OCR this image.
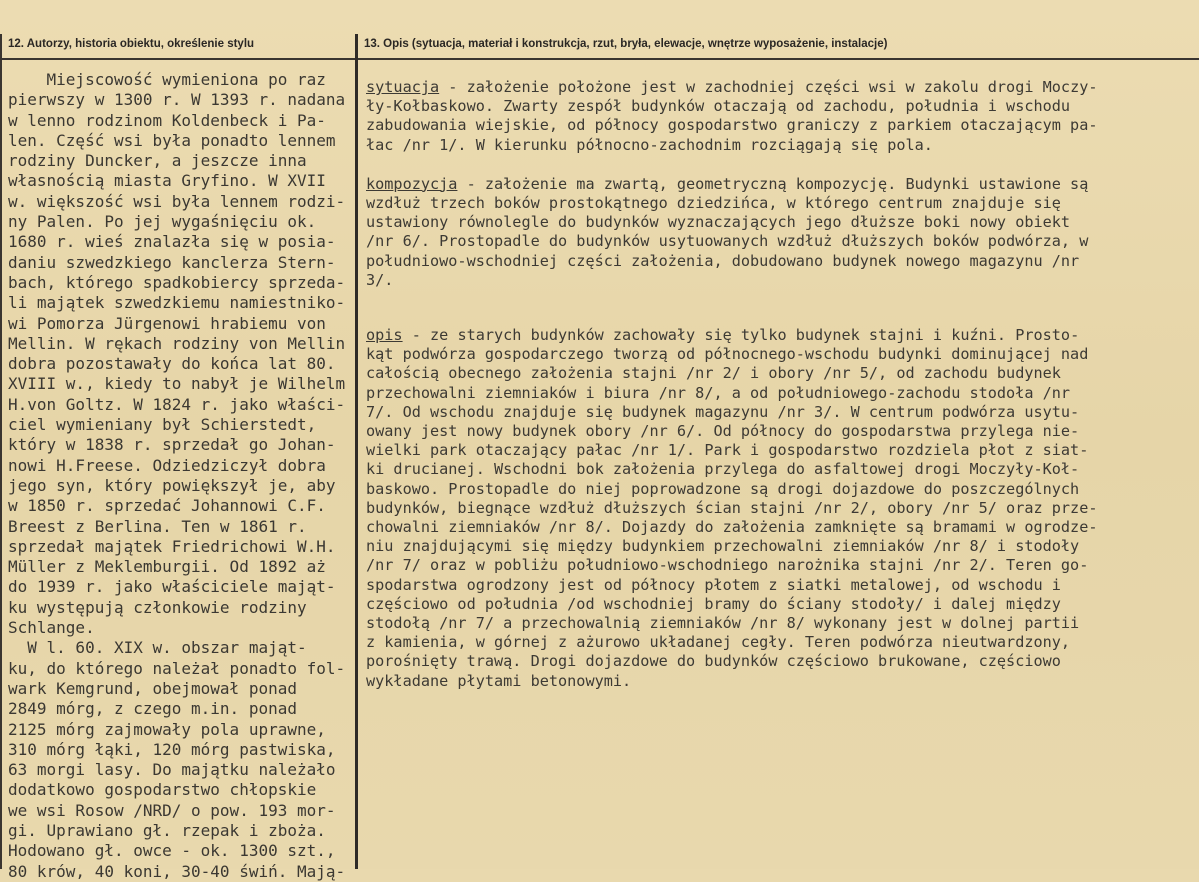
12. Autorzy, historia obiektu, określenie stylu	13. Opis (sytuacja, materiał i konstrukcja, rzut, bryła, elewacje, wnętrze wyposażenie, instalacje)
Miejscowość wymieniona po raz
pierwszy w 1300 r. W 1393 r. nadana
w lenno rodzinom Koldenbeck i Pa-
len. Część wsi była ponadto lennem
rodziny Duncker, a jeszcze inna
własnością miasta Gryfino. W XVII
w. większość wsi była lennem rodzi-
ny Palen. Po jej wygaśnięciu ok.
1680 r. wieś znalazła się w posia-
daniu szwedzkiego kanclerza Stern-
bach, którego spadkobiercy sprzeda-
li majątek szwedzkiemu namiestniko-
wi Pomorza Jürgenowi hrabiemu von
Mellin. W rękach rodziny von Mellin
dobra pozostawały do końca lat 80.
XVIII w., kiedy to nabył je Wilhelm
H.von Goltz. W 1824 r. jako właści-
ciel wymieniany był Schierstedt,
który w 1838 r. sprzedał go Johan-
nowi H.Freese. Odziedziczył dobra
jego syn, który powiększył je, aby
w 1850 r. sprzedać Johannowi C.F.
Breest z Berlina. Ten w 1861 r.
sprzedał majątek Friedrichowi W.H.
Müller z Meklemburgii. Od 1892 aż
do 1939 r. jako właściciele mająt-
ku występują członkowie rodziny
Schlange.
W l. 60. XIX w. obszar mająt-
ku, do którego należał ponadto fol-
wark Kemgrund, obejmował ponad
2849 mórg, z czego m.in. ponad
2125 mórg zajmowały pola uprawne,
310 mórg łąki, 120 mórg pastwiska,
63 morgi lasy. Do majątku należało
dodatkowo gospodarstwo chłopskie
we wsi Rosow /NRD/ o pow. 193 mor-
gi. Uprawiano gł. rzepak i zboża.
Hodowano gł. owce - ok. 1300 szt.,
80 krów, 40 koni, 30-40 świń. Mają-
sytuacja - założenie położone jest w zachodniej części wsi w zakolu drogi Moczy-
ły-Kołbaskowo. Zwarty zespół budynków otaczają od zachodu, południa i wschodu
zabudowania wiejskie, od północy gospodarstwo graniczy z parkiem otaczającym pa-
łac /nr 1/. W kierunku północno-zachodnim rozciągają się pola.
kompozycja - założenie ma zwartą, geometryczną kompozycję. Budynki ustawione są
wzdłuż trzech boków prostokątnego dziedzińca, w którego centrum znajduje się
ustawiony równolegle do budynków wyznaczających jego dłuższe boki nowy obiekt
/nr 6/. Prostopadle do budynków usytuowanych wzdłuż dłuższych boków podwórza, w
południowo-wschodniej części założenia, dobudowano budynek nowego magazynu /nr
3/.
opis - ze starych budynków zachowały się tylko budynek stajni i kuźni. Prosto-
kąt podwórza gospodarczego tworzą od północnego-wschodu budynki dominującej nad
całością obecnego założenia stajni /nr 2/ i obory /nr 5/, od zachodu budynek
przechowalni ziemniaków i biura /nr 8/, a od południowego-zachodu stodoła /nr
7/. Od wschodu znajduje się budynek magazynu /nr 3/. W centrum podwórza usytu-
owany jest nowy budynek obory /nr 6/. Od północy do gospodarstwa przylega nie-
wielki park otaczający pałac /nr 1/. Park i gospodarstwo rozdziela płot z siat-
ki drucianej. Wschodni bok założenia przylega do asfaltowej drogi Moczyły-Koł-
baskowo. Prostopadle do niej poprowadzone są drogi dojazdowe do poszczególnych
budynków, biegnące wzdłuż dłuższych ścian stajni /nr 2/, obory /nr 5/ oraz prze-
chowalni ziemniaków /nr 8/. Dojazdy do założenia zamknięte są bramami w ogrodze-
niu znajdującymi się między budynkiem przechowalni ziemniaków /nr 8/ i stodoły
/nr 7/ oraz w pobliżu południowo-wschodniego narożnika stajni /nr 2/. Teren go-
spodarstwa ogrodzony jest od północy płotem z siatki metalowej, od wschodu i
częściowo od południa /od wschodniej bramy do ściany stodoły/ i dalej między
stodołą /nr 7/ a przechowalnią ziemniaków /nr 8/ wykonany jest w dolnej partii
z kamienia, w górnej z ażurowo układanej cegły. Teren podwórza nieutwardzony,
porośnięty trawą. Drogi dojazdowe do budynków częściowo brukowane, częściowo
wykładane płytami betonowymi.
